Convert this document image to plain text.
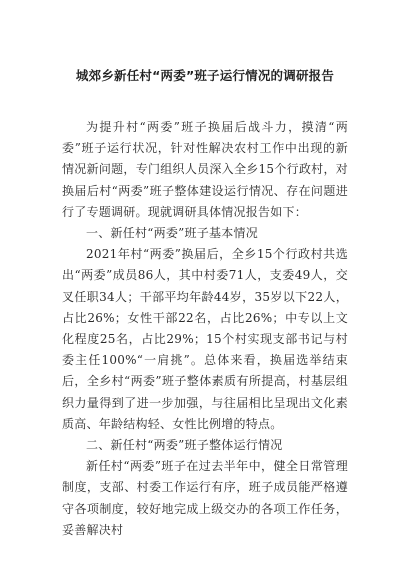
城郊乡新任村“两委”班子运行情况的调研报告

为提升村“两委”班子换届后战斗力，摸清“两委”班子运行状况，针对性解决农村工作中出现的新情况新问题，专门组织人员深入全乡15个行政村，对换届后村“两委”班子整体建设运行情况、存在问题进行了专题调研。现就调研具体情况报告如下：

一、新任村“两委”班子基本情况

2021年村“两委”换届后，全乡15个行政村共选出“两委”成员86人，其中村委71人，支委49人，交叉任职34人；干部平均年龄44岁，35岁以下22人，占比26%；女性干部22名，占比26%；中专以上文化程度25名，占比29%；15个村实现支部书记与村委主任100%“一肩挑”。总体来看，换届选举结束后，全乡村“两委”班子整体素质有所提高，村基层组织力量得到了进一步加强，与往届相比呈现出文化素质高、年龄结构轻、女性比例增的特点。

二、新任村“两委”班子整体运行情况

新任村“两委”班子在过去半年中，健全日常管理制度，支部、村委工作运行有序，班子成员能严格遵守各项制度，较好地完成上级交办的各项工作任务，妥善解决村
